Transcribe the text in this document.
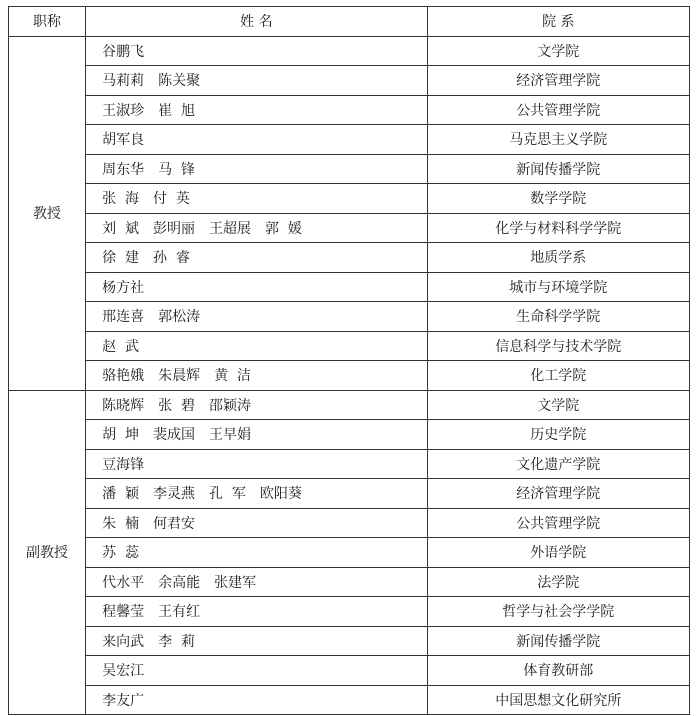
职称	姓 名	院 系
教授	谷鹏飞	文学院
	马莉莉 陈关聚	经济管理学院
	王淑珍 崔  旭	公共管理学院
	胡军良	马克思主义学院
	周东华 马  锋	新闻传播学院
	张  海 付  英	数学学院
	刘  斌 彭明丽 王超展 郭  媛	化学与材料科学学院
	徐  建 孙  睿	地质学系
	杨方社	城市与环境学院
	邢连喜 郭松涛	生命科学学院
	赵  武	信息科学与技术学院
	骆艳娥 朱晨辉 黄  洁	化工学院
副教授	陈晓辉 张  碧 邵颖涛	文学院
	胡  坤 裴成国 王早娟	历史学院
	豆海锋	文化遗产学院
	潘  颖 李灵燕 孔  军 欧阳葵	经济管理学院
	朱  楠 何君安	公共管理学院
	苏  蕊	外语学院
	代水平 余高能 张建军	法学院
	程馨莹 王有红	哲学与社会学学院
	来向武 李  莉	新闻传播学院
	吴宏江	体育教研部
	李友广	中国思想文化研究所
